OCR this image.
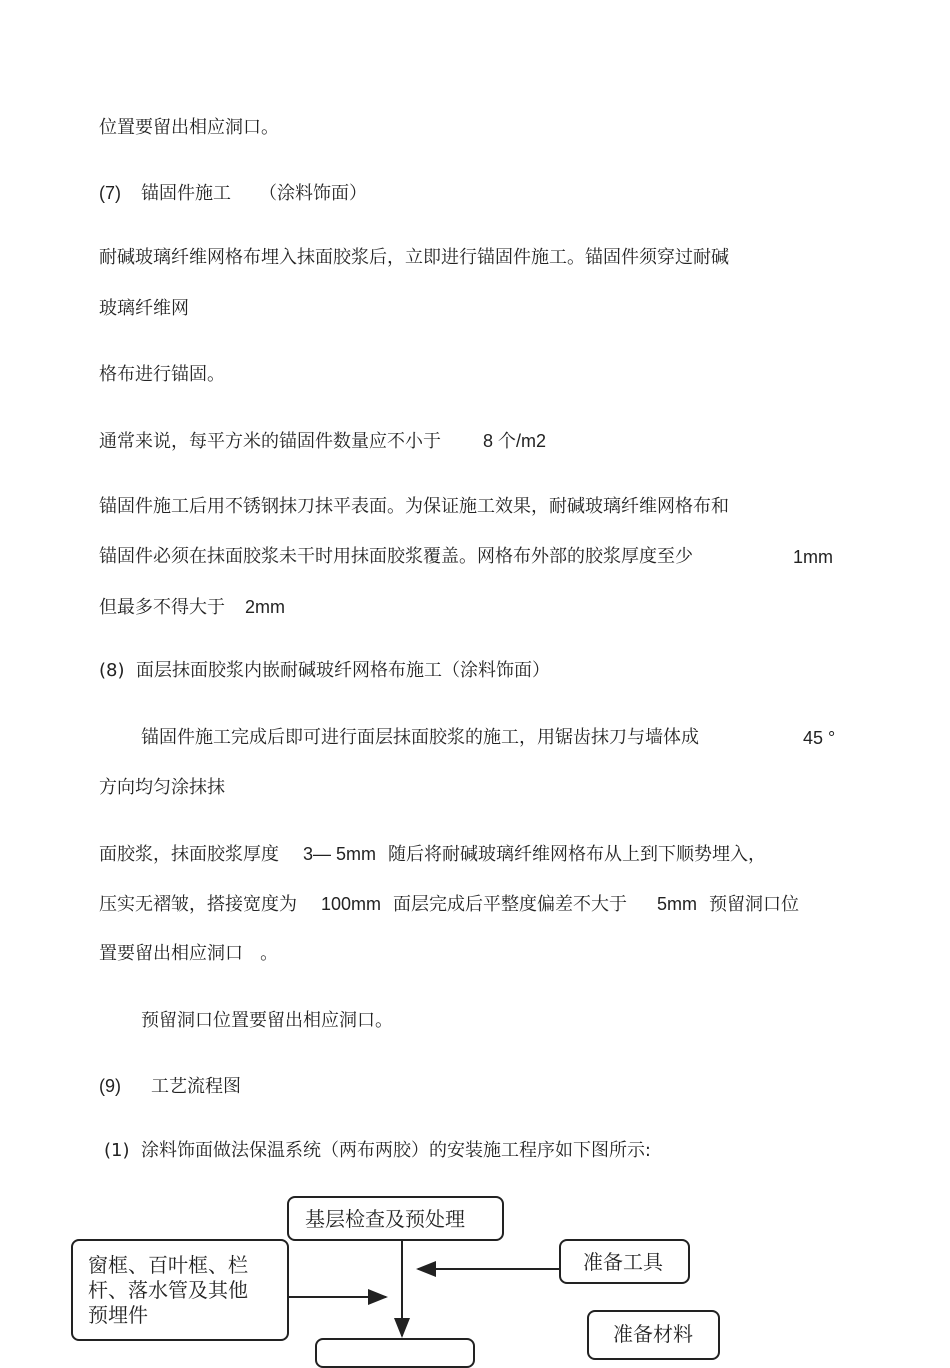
位置要留出相应洞口。

(7) 锚固件施工 （涂料饰面）

耐碱玻璃纤维网格布埋入抹面胶浆后，立即进行锚固件施工。锚固件须穿过耐碱

玻璃纤维网

格布进行锚固。

通常来说，每平方米的锚固件数量应不小于 8 个/m2

锚固件施工后用不锈钢抹刀抹平表面。为保证施工效果，耐碱玻璃纤维网格布和

锚固件必须在抹面胶浆未干时用抹面胶浆覆盖。网格布外部的胶浆厚度至少	1mm

但最多不得大于 2mm

(8)  面层抹面胶浆内嵌耐碱玻纤网格布施工（涂料饰面）

锚固件施工完成后即可进行面层抹面胶浆的施工，用锯齿抹刀与墙体成	45 °

方向均匀涂抹抹

面胶浆，抹面胶浆厚度 3— 5mm 随后将耐碱玻璃纤维网格布从上到下顺势埋入，

压实无褶皱，搭接宽度为 100mm 面层完成后平整度偏差不大于 5mm 预留洞口位

置要留出相应洞口   。

预留洞口位置要留出相应洞口。

(9) 工艺流程图

(1)  涂料饰面做法保温系统（两布两胶）的安装施工程序如下图所示:

基层检查及预处理
窗框、百叶框、栏
杆、落水管及其他
预埋件
准备工具
准备材料
